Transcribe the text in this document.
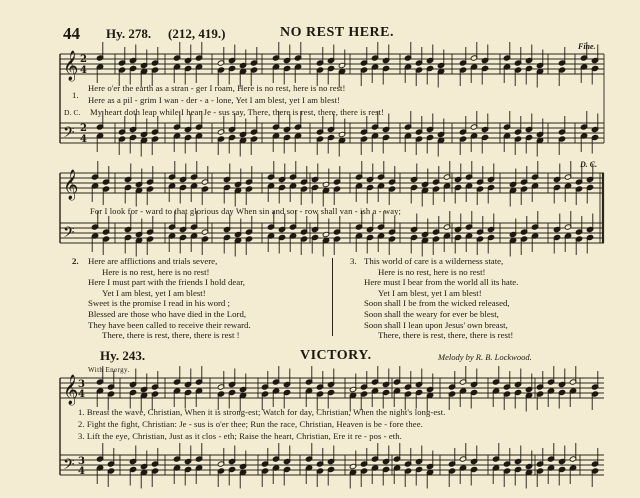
44 Hy. 278. (212, 419.)	NO REST HERE.
Fine.
𝄞
𝄢
2
4
2
4
𝄞
𝄢
𝄞
𝄢
3
4
3
4
1.
Here o'er the earth as a stran - ger I roam, Here is no rest, here is no rest!
Here as a pil - grim I wan - der - a - lone, Yet I am blest, yet I am blest!
D. C. My heart doth leap while I hear Je - sus say, There, there is rest, there, there is rest!
D. C.
For I look for - ward to that glorious day When sin and sor - row shall van - ish a - way;
2. Here are afflictions and trials severe,
Here is no rest, here is no rest!
Here I must part with the friends I hold dear,
Yet I am blest, yet I am blest!
Sweet is the promise I read in his word ;
Blessed are those who have died in the Lord,
They have been called to receive their reward.
There, there is rest, there, there is rest !
3. This world of care is a wilderness state,
Here is no rest, here is no rest!
Here must I bear from the world all its hate.
Yet I am blest, yet I am blest!
Soon shall I be from the wicked released,
Soon shall the weary for ever be blest,
Soon shall I lean upon Jesus' own breast,
There, there is rest, there, there is rest!
Hy. 243.	VICTORY.	Melody by R. B. Lockwood.
With Energy.
1. Breast the wave, Christian, When it is strong-est; Watch for day, Christian, When the night's long-est.
2. Fight the fight, Christian: Je - sus is o'er thee; Run the race, Christian, Heaven is be - fore thee.
3. Lift the eye, Christian, Just as it clos - eth; Raise the heart, Christian, Ere it re - pos - eth.
